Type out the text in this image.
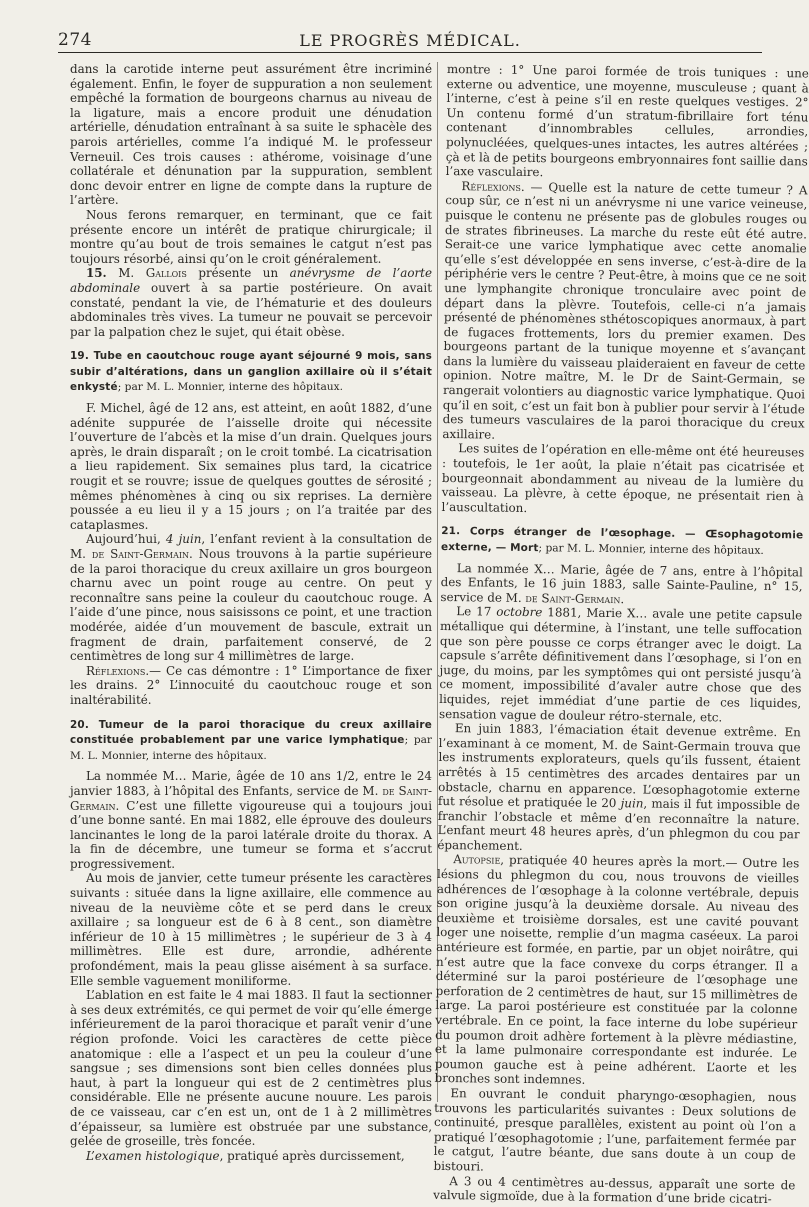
274	LE PROGRÈS MÉDICAL.

dans la carotide interne peut assurément être incriminé également. Enfin, le foyer de suppuration a non seulement empêché la formation de bourgeons charnus au niveau de la ligature, mais a encore produit une dénudation artérielle, dénudation entraînant à sa suite le sphacèle des parois artérielles, comme l’a indiqué M. le professeur Verneuil. Ces trois causes : athérome, voisinage d’une collatérale et dénunation par la suppuration, semblent donc devoir entrer en ligne de compte dans la rupture de l’artère.

Nous ferons remarquer, en terminant, que ce fait présente encore un intérêt de pratique chirurgicale; il montre qu’au bout de trois semaines le catgut n’est pas toujours résorbé, ainsi qu’on le croit généralement.

15. M. Gallois présente un anévrysme de l’aorte abdominale ouvert à sa partie postérieure. On avait constaté, pendant la vie, de l’hématurie et des douleurs abdominales très vives. La tumeur ne pouvait se percevoir par la palpation chez le sujet, qui était obèse.

19. Tube en caoutchouc rouge ayant séjourné 9 mois, sans subir d’altérations, dans un ganglion axillaire où il s’était enkysté; par M. L. Monnier, interne des hôpitaux.

F. Michel, âgé de 12 ans, est atteint, en août 1882, d’une adénite suppurée de l’aisselle droite qui nécessite l’ouverture de l’abcès et la mise d’un drain. Quelques jours après, le drain disparaît ; on le croit tombé. La cicatrisation a lieu rapidement. Six semaines plus tard, la cicatrice rougit et se rouvre; issue de quelques gouttes de sérosité ; mêmes phénomènes à cinq ou six reprises. La dernière poussée a eu lieu il y a 15 jours ; on l’a traitée par des cataplasmes.

Aujourd’hui, 4 juin, l’enfant revient à la consultation de M. de Saint-Germain. Nous trouvons à la partie supérieure de la paroi thoracique du creux axillaire un gros bourgeon charnu avec un point rouge au centre. On peut y reconnaître sans peine la couleur du caoutchouc rouge. A l’aide d’une pince, nous saisissons ce point, et une traction modérée, aidée d’un mouvement de bascule, extrait un fragment de drain, parfaitement conservé, de 2 centimètres de long sur 4 millimètres de large.

Réflexions.— Ce cas démontre : 1° L’importance de fixer les drains. 2° L’innocuité du caoutchouc rouge et son inaltérabilité.

20. Tumeur de la paroi thoracique du creux axillaire constituée probablement par une varice lymphatique; par M. L. Monnier, interne des hôpitaux.

La nommée M… Marie, âgée de 10 ans 1/2, entre le 24 janvier 1883, à l’hôpital des Enfants, service de M. de Saint-Germain. C’est une fillette vigoureuse qui a toujours joui d’une bonne santé. En mai 1882, elle éprouve des douleurs lancinantes le long de la paroi latérale droite du thorax. A la fin de décembre, une tumeur se forma et s’accrut progressivement.

Au mois de janvier, cette tumeur présente les caractères suivants : située dans la ligne axillaire, elle commence au niveau de la neuvième côte et se perd dans le creux axillaire ; sa longueur est de 6 à 8 cent., son diamètre inférieur de 10 à 15 millimètres ; le supérieur de 3 à 4 millimètres. Elle est dure, arrondie, adhérente profondément, mais la peau glisse aisément à sa surface. Elle semble vaguement moniliforme.

L’ablation en est faite le 4 mai 1883. Il faut la sectionner à ses deux extrémités, ce qui permet de voir qu’elle émerge inférieurement de la paroi thoracique et paraît venir d’une région profonde. Voici les caractères de cette pièce anatomique : elle a l’aspect et un peu la couleur d’une sangsue ; ses dimensions sont bien celles données plus haut, à part la longueur qui est de 2 centimètres plus considérable. Elle ne présente aucune nouure. Les parois de ce vaisseau, car c’en est un, ont de 1 à 2 millimètres d’épaisseur, sa lumière est obstruée par une substance, gelée de groseille, très foncée.

L’examen histologique, pratiqué après durcissement,

montre : 1° Une paroi formée de trois tuniques : une externe ou adventice, une moyenne, musculeuse ; quant à l’interne, c’est à peine s’il en reste quelques vestiges. 2° Un contenu formé d’un stratum-fibrillaire fort ténu contenant d’innombrables cellules, arrondies, polynucléées, quelques-unes intactes, les autres altérées ; çà et là de petits bourgeons embryonnaires font saillie dans l’axe vasculaire.

Réflexions. — Quelle est la nature de cette tumeur ? A coup sûr, ce n’est ni un anévrysme ni une varice veineuse, puisque le contenu ne présente pas de globules rouges ou de strates fibrineuses. La marche du reste eût été autre. Serait-ce une varice lymphatique avec cette anomalie qu’elle s’est développée en sens inverse, c’est-à-dire de la périphérie vers le centre ? Peut-être, à moins que ce ne soit une lymphangite chronique tronculaire avec point de départ dans la plèvre. Toutefois, celle-ci n’a jamais présenté de phénomènes sthétoscopiques anormaux, à part de fugaces frottements, lors du premier examen. Des bourgeons partant de la tunique moyenne et s’avançant dans la lumière du vaisseau plaideraient en faveur de cette opinion. Notre maître, M. le Dr de Saint-Germain, se rangerait volontiers au diagnostic varice lymphatique. Quoi qu’il en soit, c’est un fait bon à publier pour servir à l’étude des tumeurs vasculaires de la paroi thoracique du creux axillaire.

Les suites de l’opération en elle-même ont été heureuses : toutefois, le 1er août, la plaie n’était pas cicatrisée et bourgeonnait abondamment au niveau de la lumière du vaisseau. La plèvre, à cette époque, ne présentait rien à l’auscultation.

21. Corps étranger de l’œsophage. — Œsophagotomie externe, — Mort; par M. L. Monnier, interne des hôpitaux.

La nommée X… Marie, âgée de 7 ans, entre à l’hôpital des Enfants, le 16 juin 1883, salle Sainte-Pauline, n° 15, service de M. de Saint-Germain.

Le 17 octobre 1881, Marie X… avale une petite capsule métallique qui détermine, à l’instant, une telle suffocation que son père pousse ce corps étranger avec le doigt. La capsule s’arrête définitivement dans l’œsophage, si l’on en juge, du moins, par les symptômes qui ont persisté jusqu’à ce moment, impossibilité d’avaler autre chose que des liquides, rejet immédiat d’une partie de ces liquides, sensation vague de douleur rétro-sternale, etc.

En juin 1883, l’émaciation était devenue extrême. En l’examinant à ce moment, M. de Saint-Germain trouva que les instruments explorateurs, quels qu’ils fussent, étaient arrêtés à 15 centimètres des arcades dentaires par un obstacle, charnu en apparence. L’œsophagotomie externe fut résolue et pratiquée le 20 juin, mais il fut impossible de franchir l’obstacle et même d’en reconnaître la nature. L’enfant meurt 48 heures après, d’un phlegmon du cou par épanchement.

Autopsie, pratiquée 40 heures après la mort.— Outre les lésions du phlegmon du cou, nous trouvons de vieilles adhérences de l’œsophage à la colonne vertébrale, depuis son origine jusqu’à la deuxième dorsale. Au niveau des deuxième et troisième dorsales, est une cavité pouvant loger une noisette, remplie d’un magma caséeux. La paroi antérieure est formée, en partie, par un objet noirâtre, qui n’est autre que la face convexe du corps étranger. Il a déterminé sur la paroi postérieure de l’œsophage une perforation de 2 centimètres de haut, sur 15 millimètres de large. La paroi postérieure est constituée par la colonne vertébrale. En ce point, la face interne du lobe supérieur du poumon droit adhère fortement à la plèvre médiastine, et la lame pulmonaire correspondante est indurée. Le poumon gauche est à peine adhérent. L’aorte et les bronches sont indemnes.

En ouvrant le conduit pharyngo-œsophagien, nous trouvons les particularités suivantes : Deux solutions de continuité, presque parallèles, existent au point où l’on a pratiqué l’œsophagotomie ; l’une, parfaitement fermée par le catgut, l’autre béante, due sans doute à un coup de bistouri.

A 3 ou 4 centimètres au-dessus, apparaît une sorte de valvule sigmoïde, due à la formation d’une bride cicatri-
